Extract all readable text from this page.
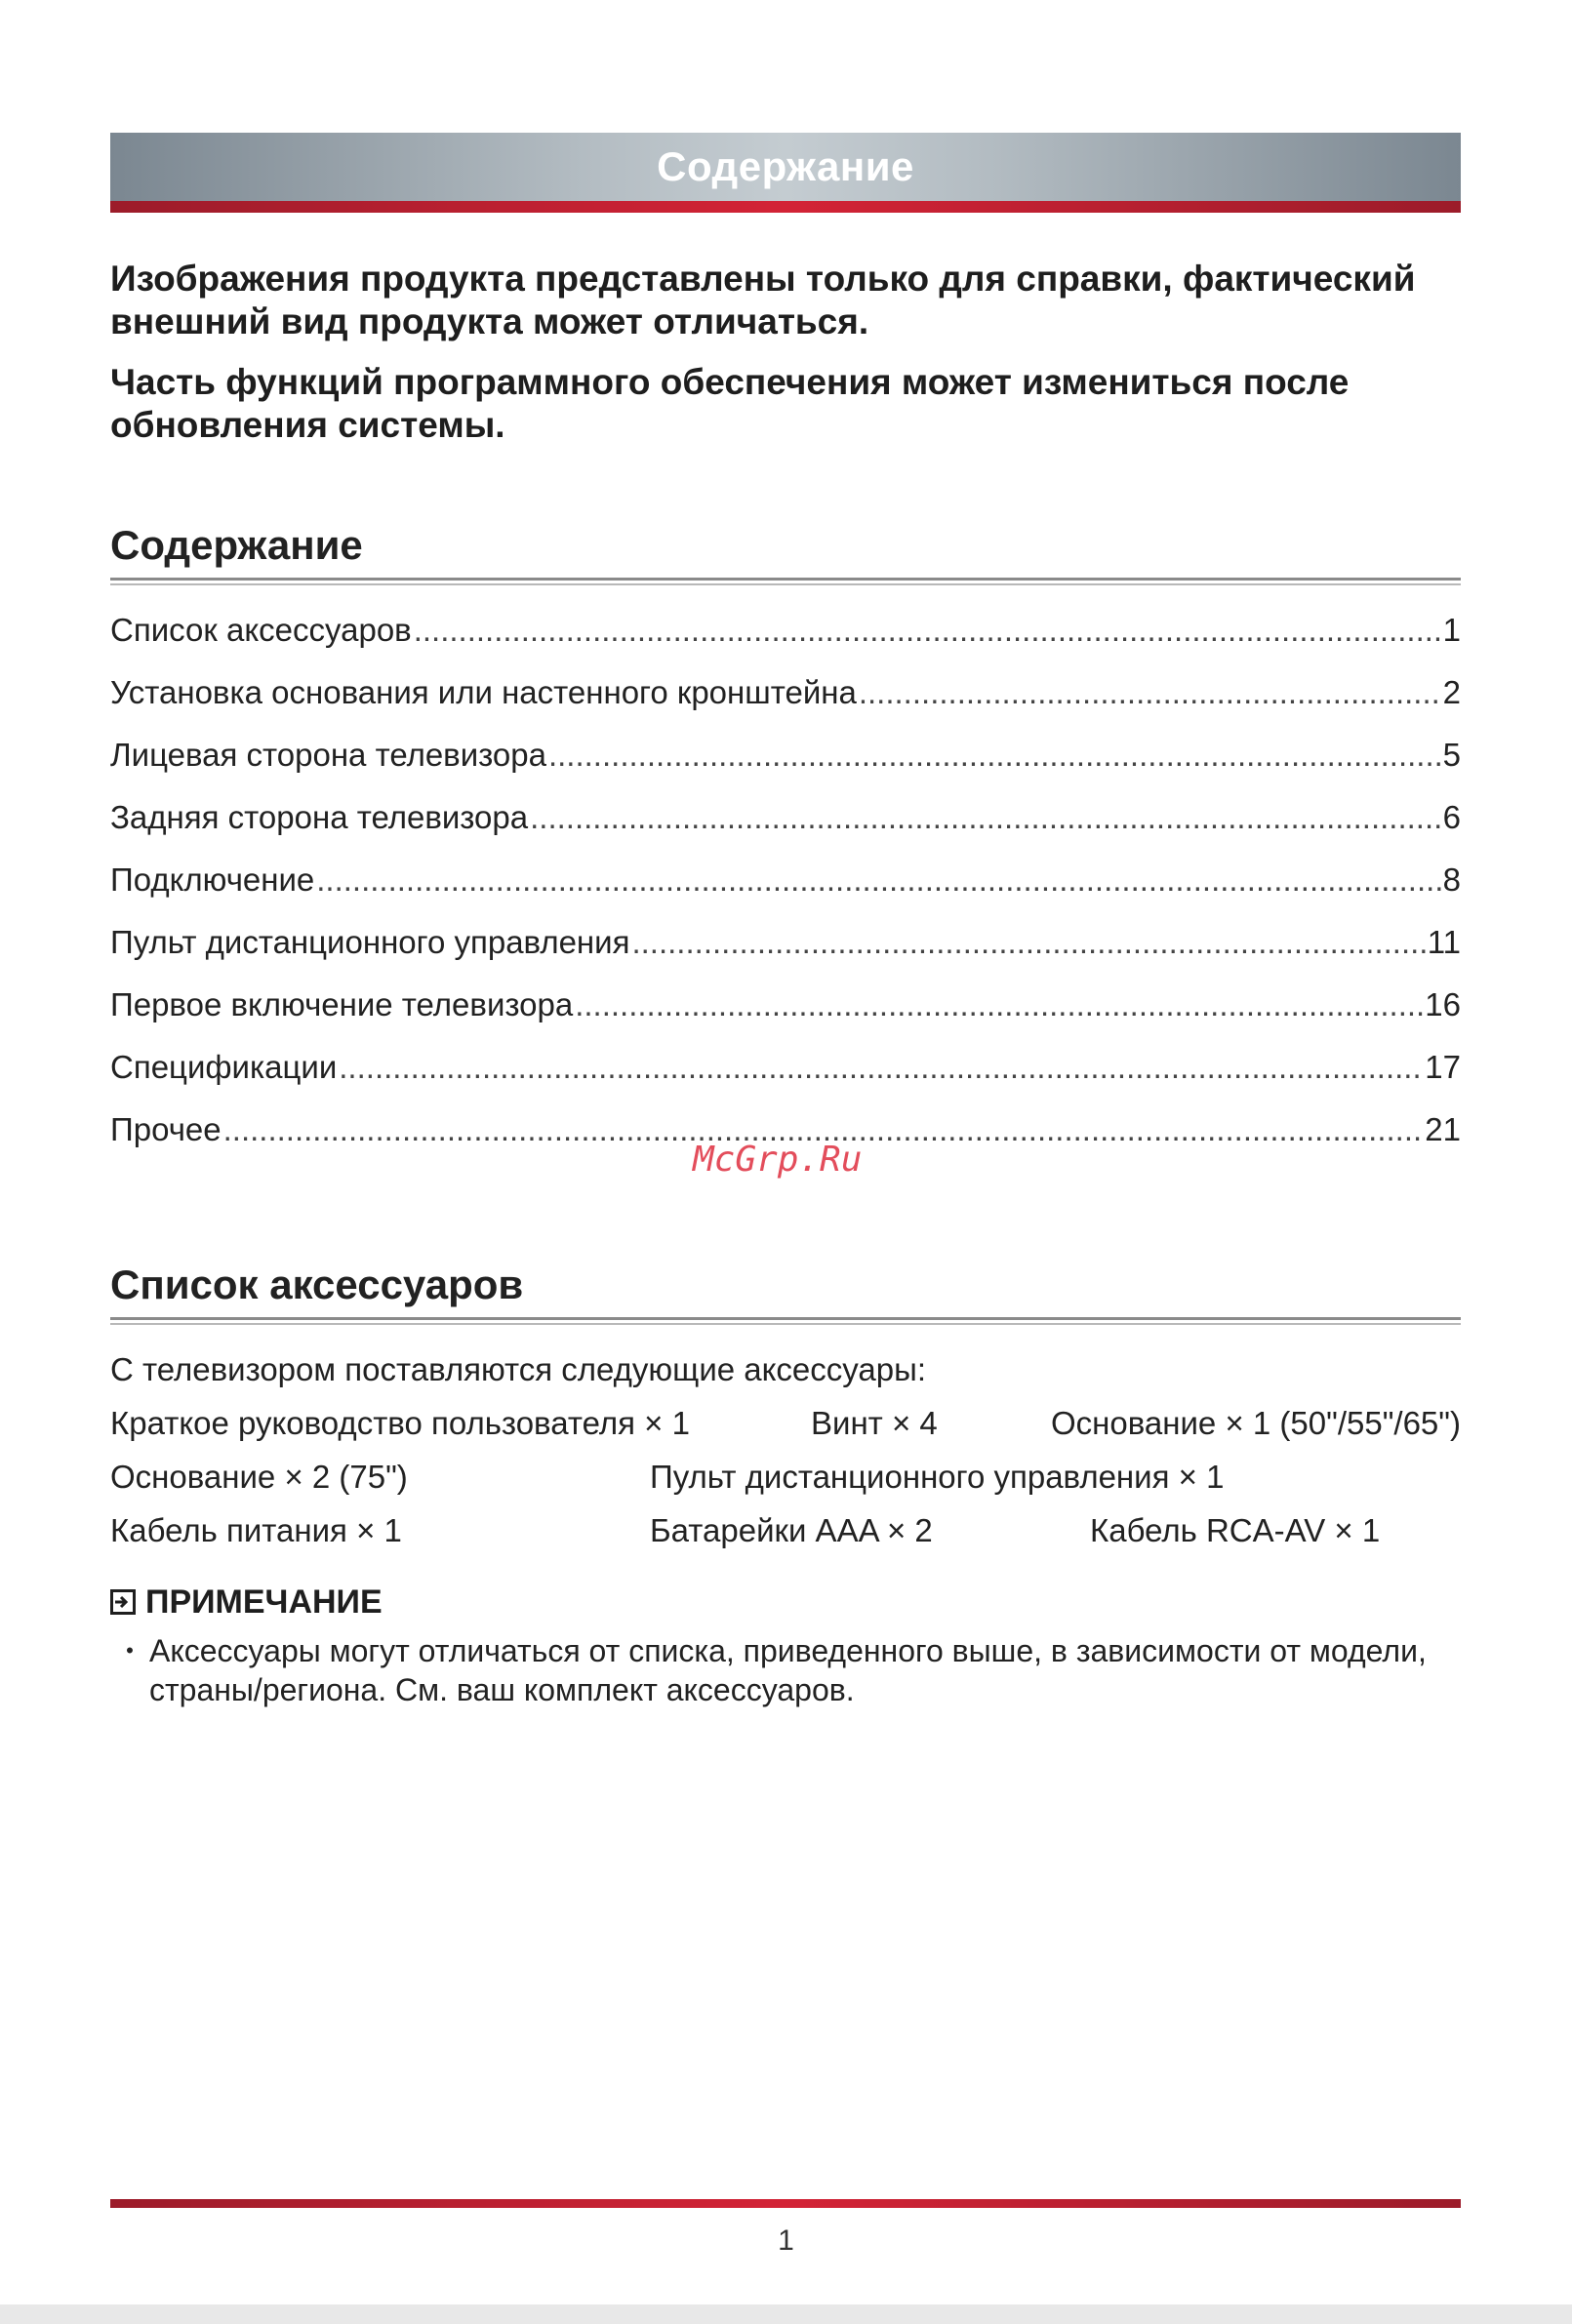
Содержание

Изображения продукта представлены только для справки, фактический внешний вид продукта может отличаться.

Часть функций программного обеспечения может измениться после обновления системы.

Содержание
Список аксессуаров .....	1
Установка основания или настенного кронштейна .....	2
Лицевая сторона телевизора .....	5
Задняя сторона телевизора .....	6
Подключение .....	8
Пульт дистанционного управления .....	11
Первое включение телевизора .....	16
Спецификации .....	17
Прочее .....	21
McGrp.Ru
Список аксессуаров
С телевизором поставляются следующие аксессуары:
Краткое руководство пользователя × 1	Винт × 4	Основание × 1 (50"/55"/65")
Основание × 2 (75")	Пульт дистанционного управления × 1
Кабель питания × 1	Батарейки AAA × 2	Кабель RCA-AV × 1
ПРИМЕЧАНИЕ
• Аксессуары могут отличаться от списка, приведенного выше, в зависимости от модели, страны/региона. См. ваш комплект аксессуаров.
1
